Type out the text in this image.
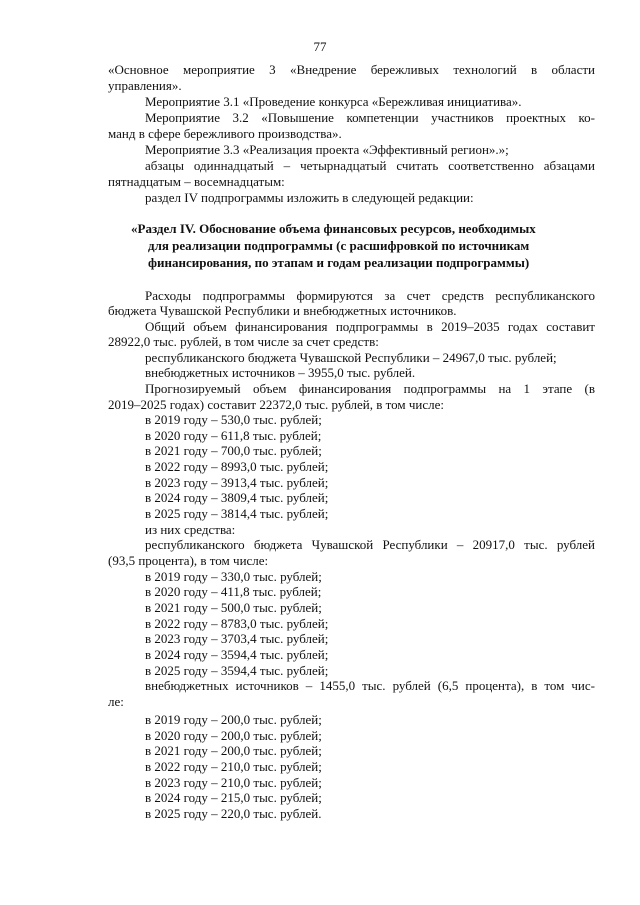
77
«Основное мероприятие 3 «Внедрение бережливых технологий в области
управления».
Мероприятие 3.1 «Проведение конкурса «Бережливая инициатива».
Мероприятие 3.2 «Повышение компетенции участников проектных ко-
манд в сфере бережливого производства».
Мероприятие 3.3 «Реализация проекта «Эффективный регион».»;
абзацы одиннадцатый – четырнадцатый считать соответственно абзацами
пятнадцатым – восемнадцатым:
раздел IV подпрограммы изложить в следующей редакции:
«Раздел IV. Обоснование объема финансовых ресурсов, необходимых
для реализации подпрограммы (с расшифровкой по источникам
финансирования, по этапам и годам реализации подпрограммы)
Расходы подпрограммы формируются за счет средств республиканского
бюджета Чувашской Республики и внебюджетных источников.
Общий объем финансирования подпрограммы в 2019–2035 годах составит
28922,0 тыс. рублей, в том числе за счет средств:
республиканского бюджета Чувашской Республики – 24967,0 тыс. рублей;
внебюджетных источников – 3955,0 тыс. рублей.
Прогнозируемый объем финансирования подпрограммы на 1 этапе (в
2019–2025 годах) составит 22372,0 тыс. рублей, в том числе:
в 2019 году – 530,0 тыс. рублей;
в 2020 году – 611,8 тыс. рублей;
в 2021 году – 700,0 тыс. рублей;
в 2022 году – 8993,0 тыс. рублей;
в 2023 году – 3913,4 тыс. рублей;
в 2024 году – 3809,4 тыс. рублей;
в 2025 году – 3814,4 тыс. рублей;
из них средства:
республиканского бюджета Чувашской Республики – 20917,0 тыс. рублей
(93,5 процента), в том числе:
в 2019 году – 330,0 тыс. рублей;
в 2020 году – 411,8 тыс. рублей;
в 2021 году – 500,0 тыс. рублей;
в 2022 году – 8783,0 тыс. рублей;
в 2023 году – 3703,4 тыс. рублей;
в 2024 году – 3594,4 тыс. рублей;
в 2025 году – 3594,4 тыс. рублей;
внебюджетных источников – 1455,0 тыс. рублей (6,5 процента), в том чис-
ле:
в 2019 году – 200,0 тыс. рублей;
в 2020 году – 200,0 тыс. рублей;
в 2021 году – 200,0 тыс. рублей;
в 2022 году – 210,0 тыс. рублей;
в 2023 году – 210,0 тыс. рублей;
в 2024 году – 215,0 тыс. рублей;
в 2025 году – 220,0 тыс. рублей.
